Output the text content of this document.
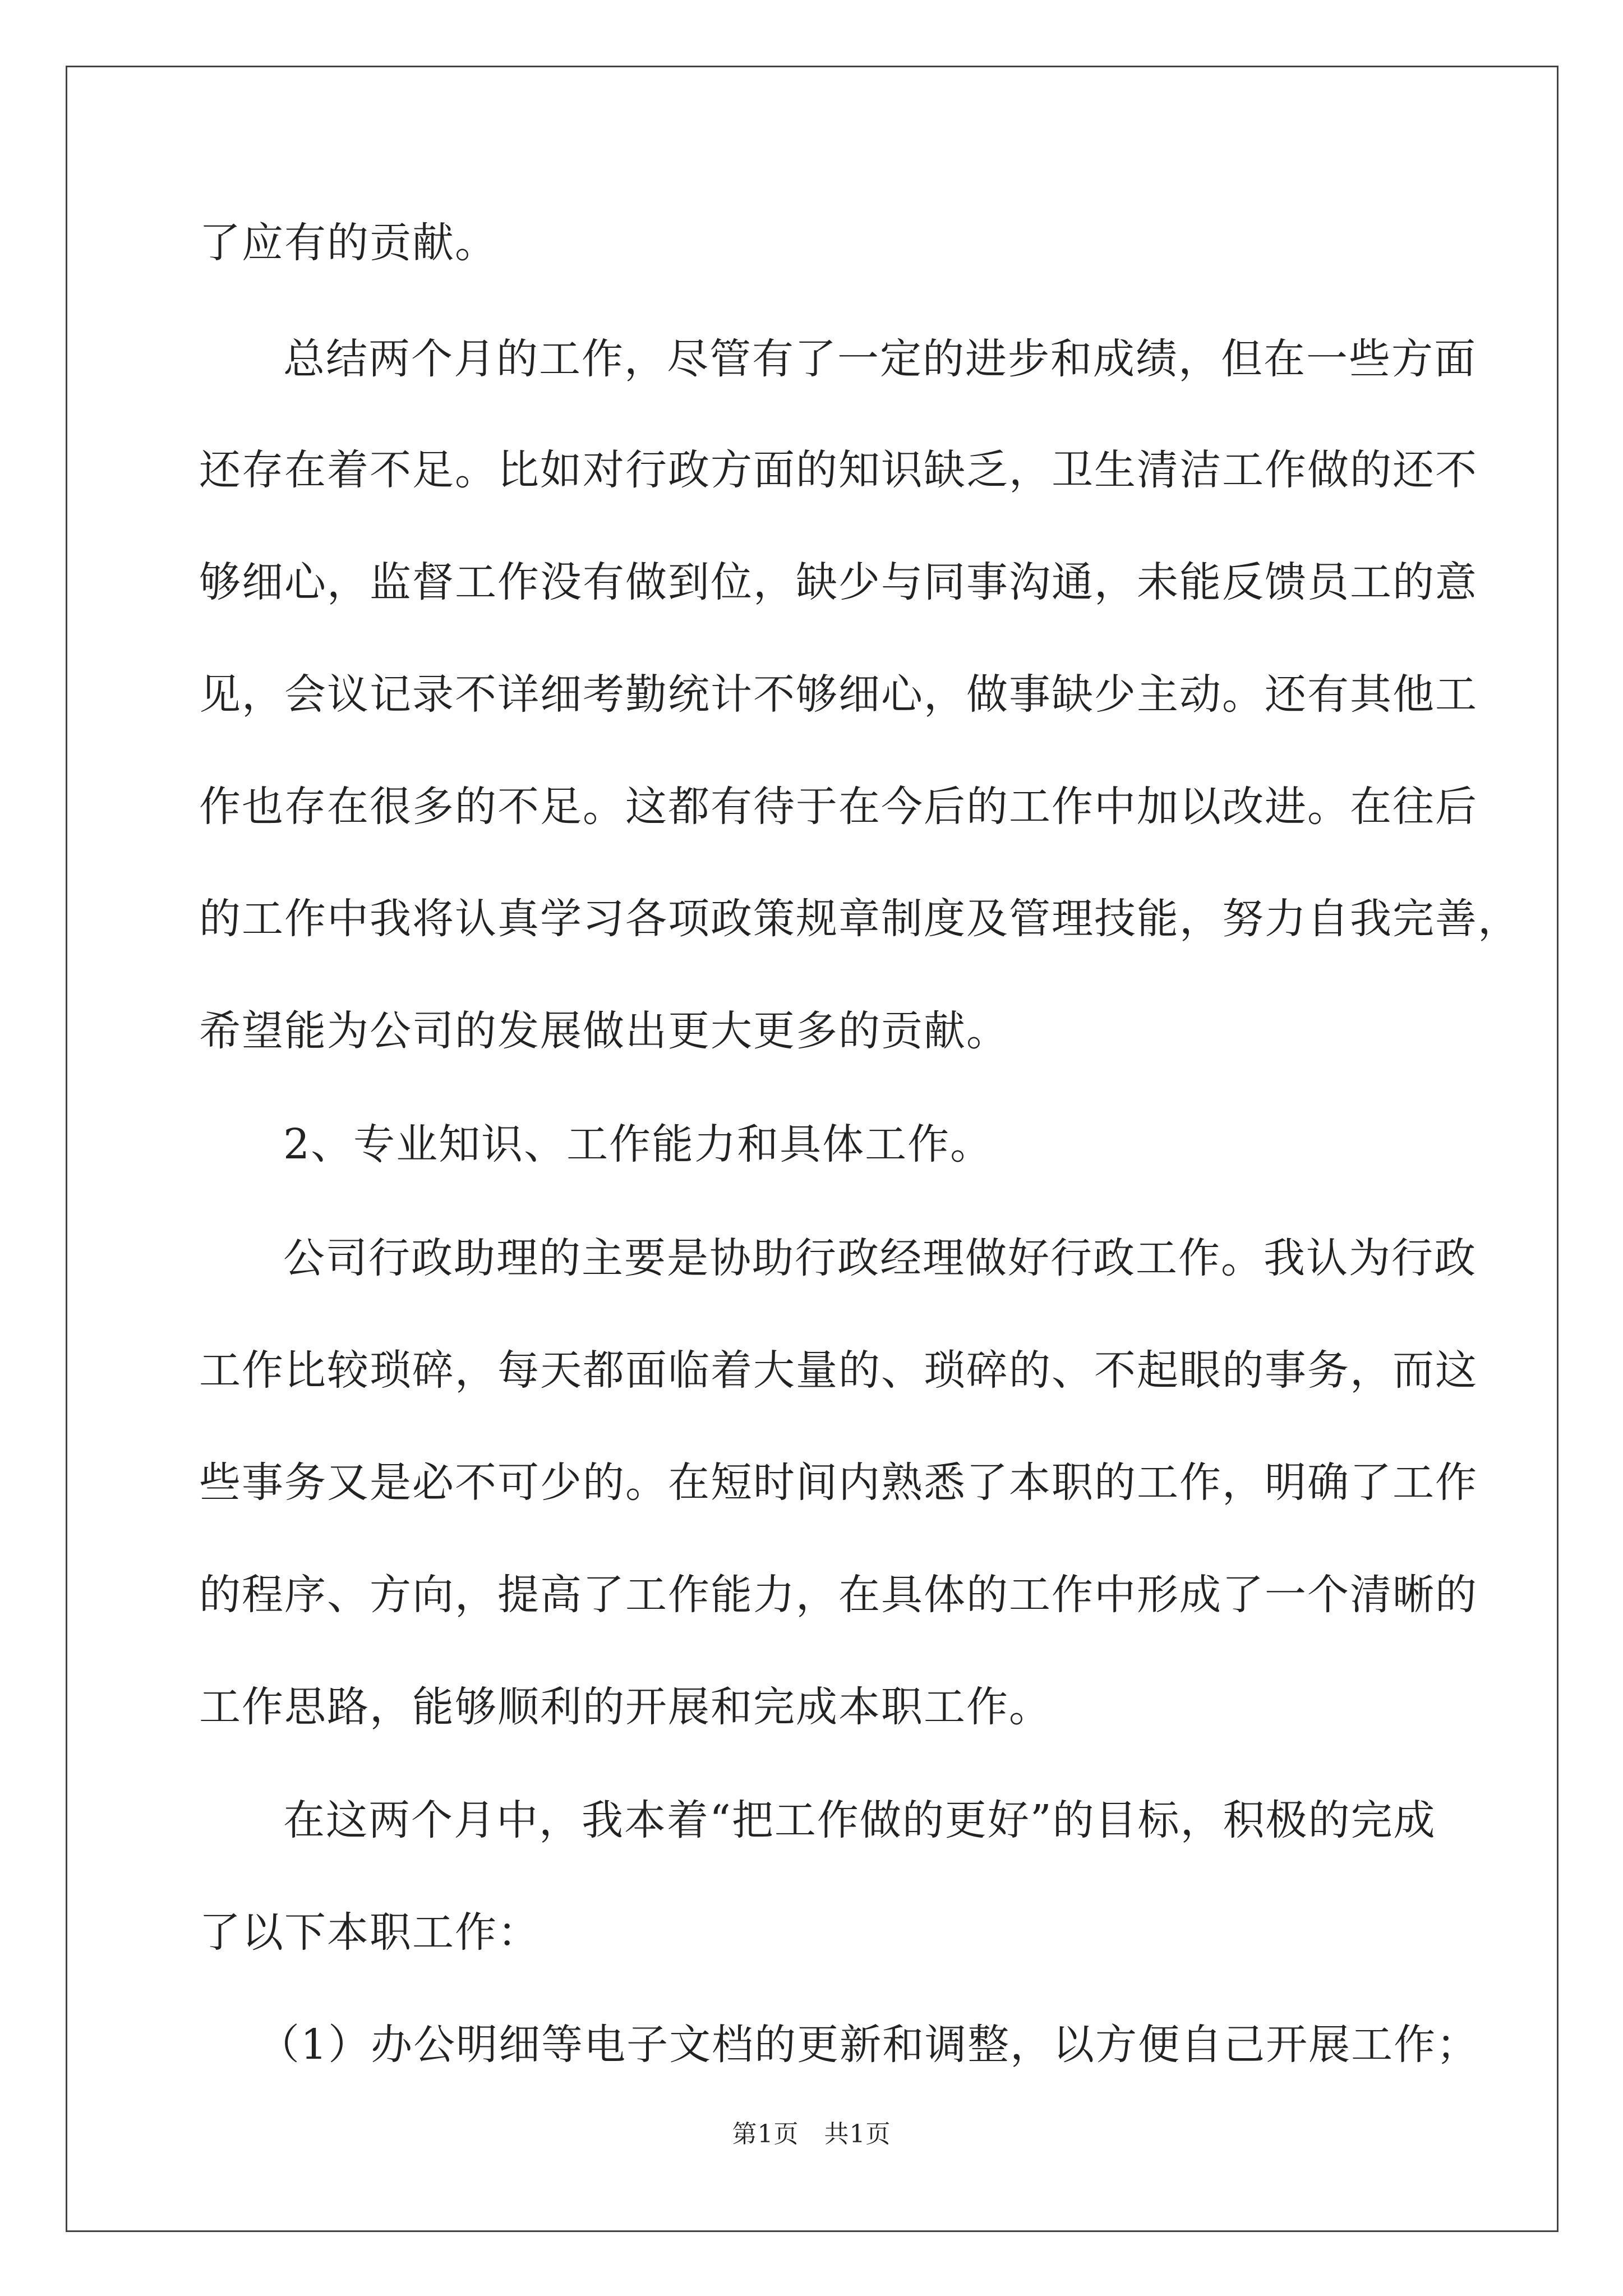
了应有的贡献。
总结两个月的工作，尽管有了一定的进步和成绩，但在一些方面
还存在着不足。比如对行政方面的知识缺乏，卫生清洁工作做的还不
够细心，监督工作没有做到位，缺少与同事沟通，未能反馈员工的意
见，会议记录不详细考勤统计不够细心，做事缺少主动。还有其他工
作也存在很多的不足。这都有待于在今后的工作中加以改进。在往后
的工作中我将认真学习各项政策规章制度及管理技能，努力自我完善，
希望能为公司的发展做出更大更多的贡献。
2、专业知识、工作能力和具体工作。
公司行政助理的主要是协助行政经理做好行政工作。我认为行政
工作比较琐碎，每天都面临着大量的、琐碎的、不起眼的事务，而这
些事务又是必不可少的。在短时间内熟悉了本职的工作，明确了工作
的程序、方向，提高了工作能力，在具体的工作中形成了一个清晰的
工作思路，能够顺利的开展和完成本职工作。
在这两个月中，我本着“把工作做的更好”的目标，积极的完成
了以下本职工作：
（1）办公明细等电子文档的更新和调整，以方便自己开展工作；
第1页　共1页
